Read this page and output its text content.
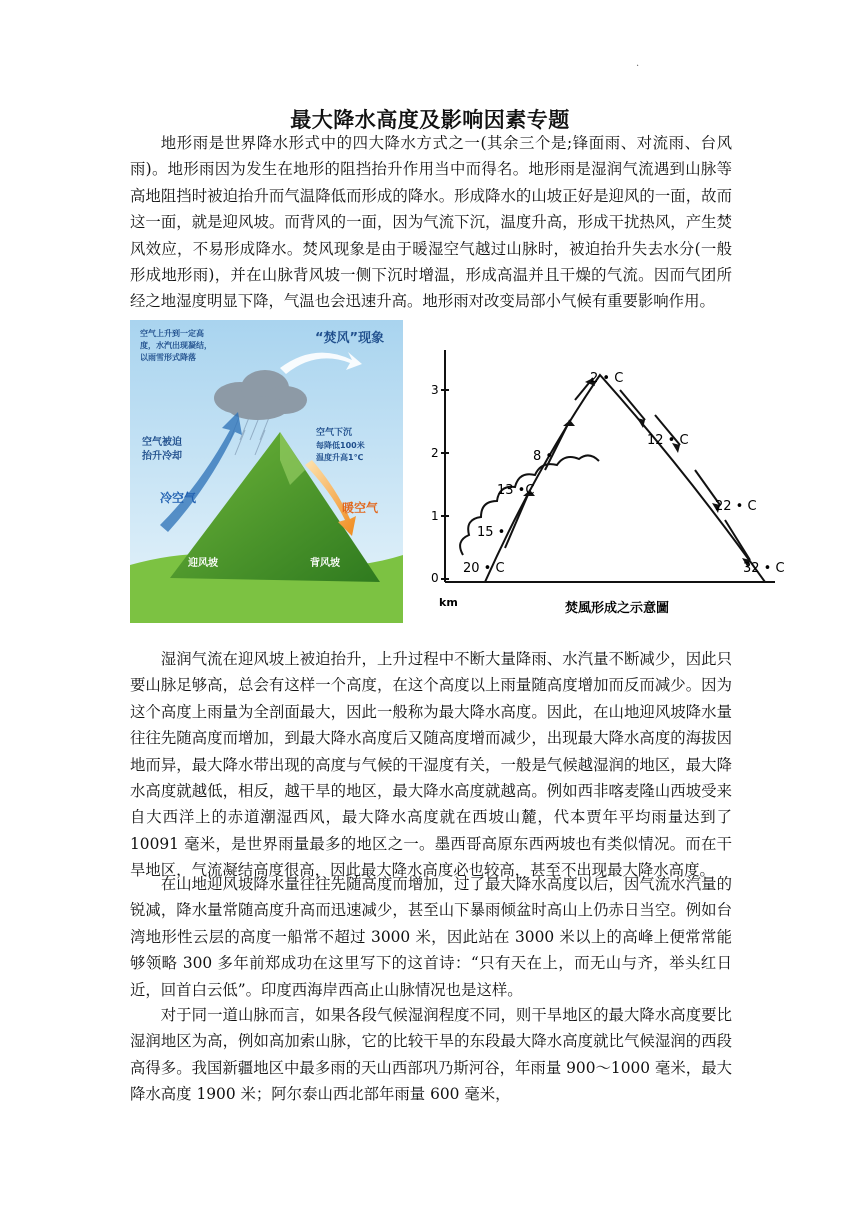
.
最大降水高度及影响因素专题

地形雨是世界降水形式中的四大降水方式之一(其余三个是;锋面雨、对流雨、台风雨)。地形雨因为发生在地形的阻挡抬升作用当中而得名。地形雨是湿润气流遇到山脉等高地阻挡时被迫抬升而气温降低而形成的降水。形成降水的山坡正好是迎风的一面，故而这一面，就是迎风坡。而背风的一面，因为气流下沉，温度升高，形成干扰热风，产生焚风效应，不易形成降水。焚风现象是由于暖湿空气越过山脉时，被迫抬升失去水分(一般形成地形雨)，并在山脉背风坡一侧下沉时增温，形成高温并且干燥的气流。因而气团所经之地湿度明显下降，气温也会迅速升高。地形雨对改变局部小气候有重要影响作用。

“焚风”现象
空气上升到一定高
度，水汽出现凝结，
以雨雪形式降落
空气被迫
抬升冷却
空气下沉
每降低100米
温度升高1℃
冷空气
暖空气
迎风坡	背风坡
3
2
1
0
km
20 • C
15 •
13 •C
8 •
2 • C
12 • C
22 • C
32 • C
焚風形成之示意圖

湿润气流在迎风坡上被迫抬升，上升过程中不断大量降雨、水汽量不断减少，因此只要山脉足够高，总会有这样一个高度，在这个高度以上雨量随高度增加而反而减少。因为这个高度上雨量为全剖面最大，因此一般称为最大降水高度。因此，在山地迎风坡降水量往往先随高度而增加，到最大降水高度后又随高度增而减少，出现最大降水高度的海拔因地而异，最大降水带出现的高度与气候的干湿度有关，一般是气候越湿润的地区，最大降水高度就越低，相反，越干旱的地区，最大降水高度就越高。例如西非喀麦隆山西坡受来自大西洋上的赤道潮湿西风，最大降水高度就在西坡山麓，代本贾年平均雨量达到了 10091 毫米，是世界雨量最多的地区之一。墨西哥高原东西两坡也有类似情况。而在干旱地区，气流凝结高度很高，因此最大降水高度必也较高，甚至不出现最大降水高度。

在山地迎风坡降水量往往先随高度而增加，过了最大降水高度以后，因气流水汽量的锐减，降水量常随高度升高而迅速减少，甚至山下暴雨倾盆时高山上仍赤日当空。例如台湾地形性云层的高度一船常不超过 3000 米，因此站在 3000 米以上的高峰上便常常能够领略 300 多年前郑成功在这里写下的这首诗：“只有天在上，而无山与齐，举头红日近，回首白云低”。印度西海岸西高止山脉情况也是这样。

对于同一道山脉而言，如果各段气候湿润程度不同，则干旱地区的最大降水高度要比湿润地区为高，例如高加索山脉，它的比较干旱的东段最大降水高度就比气候湿润的西段高得多。我国新疆地区中最多雨的天山西部巩乃斯河谷，年雨量 900～1000 毫米，最大降水高度 1900 米；阿尔泰山西北部年雨量 600 毫米，
